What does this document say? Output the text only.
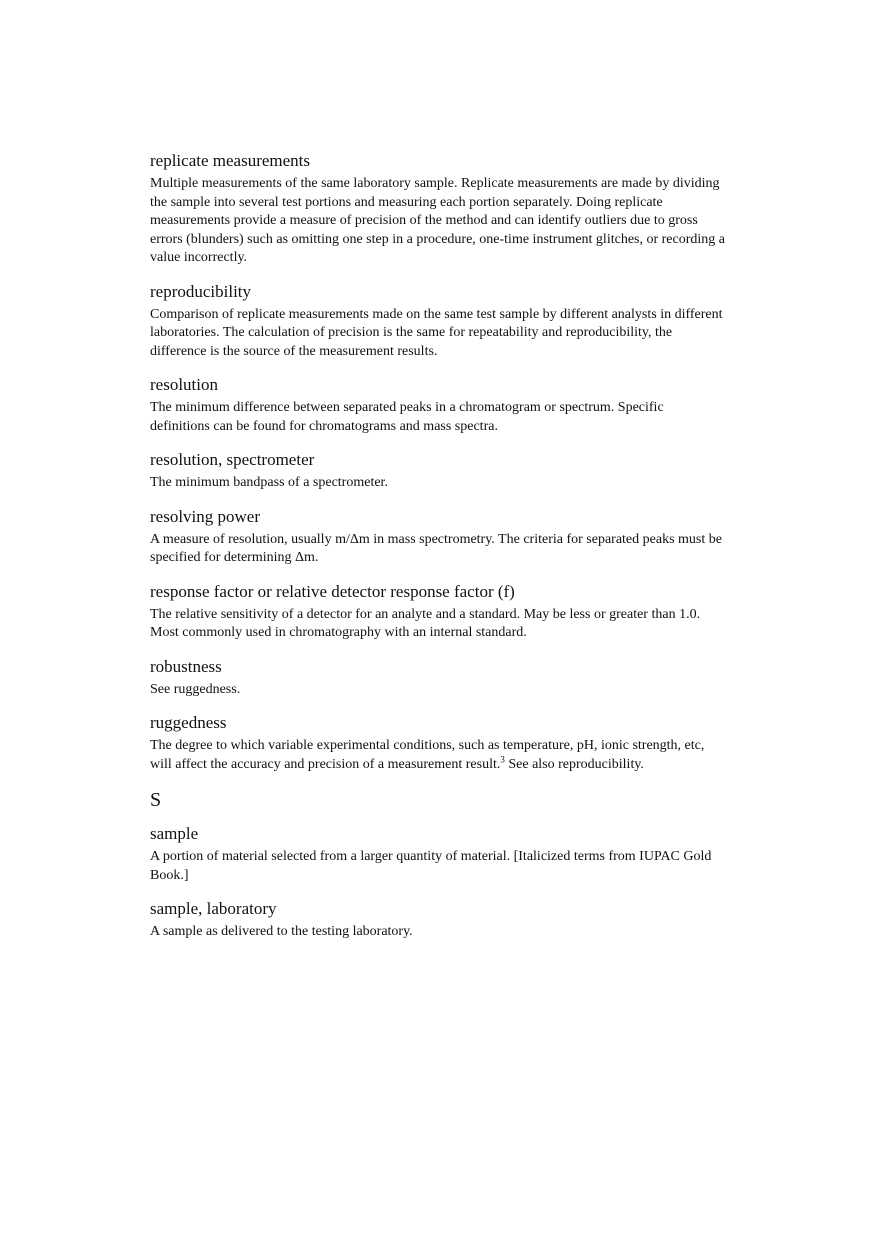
replicate measurements

Multiple measurements of the same laboratory sample. Replicate measurements are made by dividing the sample into several test portions and measuring each portion separately. Doing replicate measurements provide a measure of precision of the method and can identify outliers due to gross errors (blunders) such as omitting one step in a procedure, one-time instrument glitches, or recording a value incorrectly.

reproducibility

Comparison of replicate measurements made on the same test sample by different analysts in different laboratories. The calculation of precision is the same for repeatability and reproducibility, the difference is the source of the measurement results.

resolution

The minimum difference between separated peaks in a chromatogram or spectrum. Specific definitions can be found for chromatograms and mass spectra.

resolution, spectrometer

The minimum bandpass of a spectrometer.

resolving power

A measure of resolution, usually m/Δm in mass spectrometry. The criteria for separated peaks must be specified for determining Δm.

response factor or relative detector response factor (f)

The relative sensitivity of a detector for an analyte and a standard. May be less or greater than 1.0. Most commonly used in chromatography with an internal standard.

robustness

See ruggedness.

ruggedness

The degree to which variable experimental conditions, such as temperature, pH, ionic strength, etc, will affect the accuracy and precision of a measurement result.$^3$ See also reproducibility.

S
sample

A portion of material selected from a larger quantity of material. [Italicized terms from IUPAC Gold Book.]

sample, laboratory

A sample as delivered to the testing laboratory.
